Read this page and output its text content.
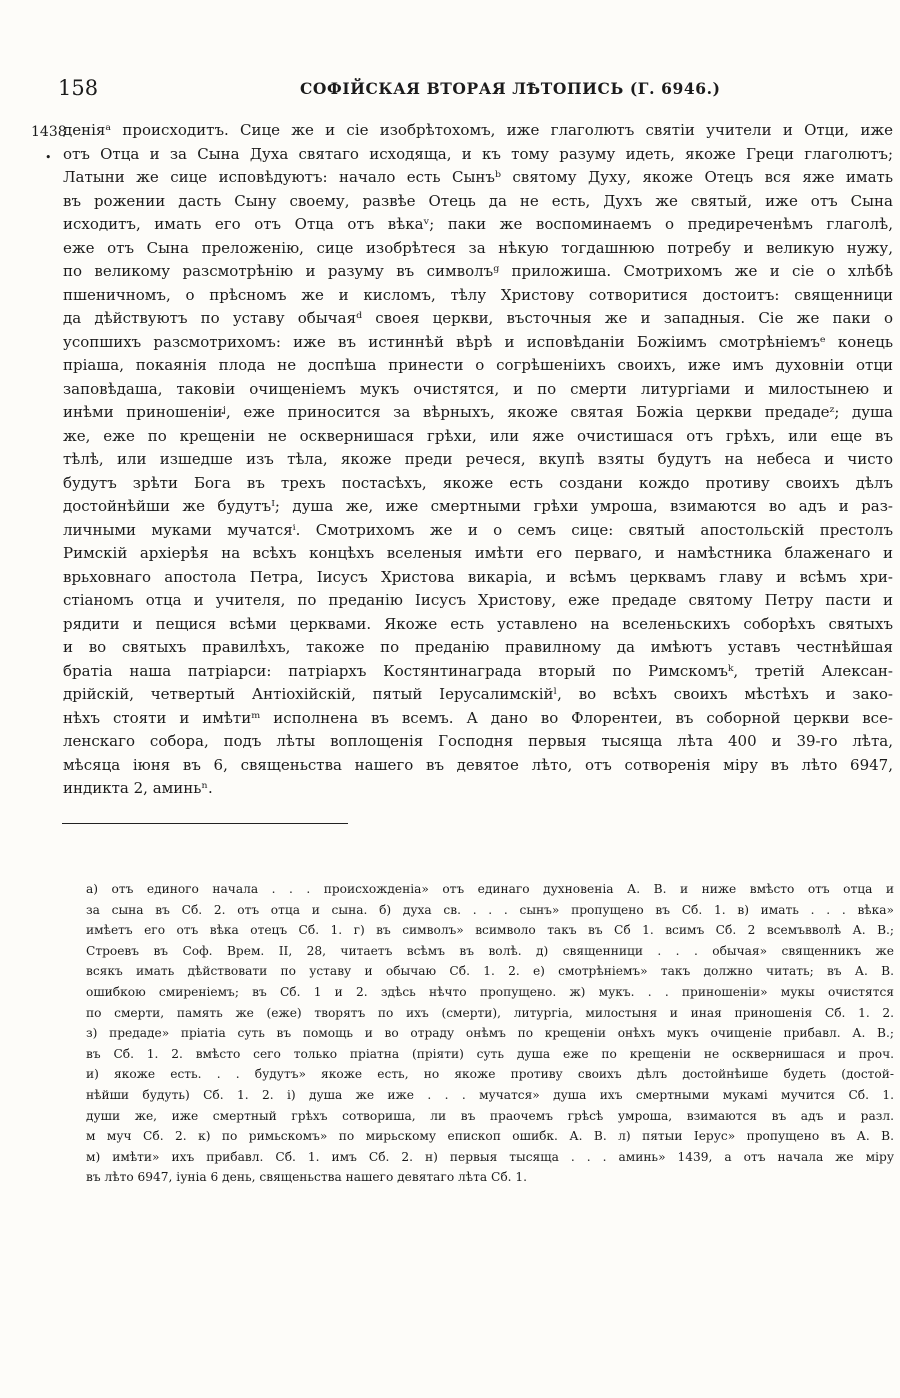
158	СОФІЙСКАЯ ВТОРАЯ ЛѢТОПИСЬ (Г. 6946.)
1438
•
деніяᵃ происходитъ. Сице же и сіе изобрѣтохомъ, иже глаголютъ святіи учители и Отци, иже
отъ Отца и за Сына Духа святаго исходяща, и къ тому разуму идеть, якоже Греци глаголютъ;
Латыни же сице исповѣдуютъ: начало есть Сынъᵇ святому Духу, якоже Отецъ вся яже имать
въ рожении дасть Сыну своему, развѣе Отець да не есть, Духъ же святый, иже отъ Сына
исходитъ, имать его отъ Отца отъ вѣкаᵛ; паки же воспоминаемъ о предиреченѣмъ глаголѣ,
еже отъ Сына преложенію, сице изобрѣтеся за нѣкую тогдашнюю потребу и великую нужу,
по великому разсмотрѣнію и разуму въ символъᵍ приложиша. Смотрихомъ же и сіе о хлѣбѣ
пшеничномъ, о прѣсномъ же и кисломъ, тѣлу Христову сотворитися достоитъ: священници
да дѣйствуютъ по уставу обычаяᵈ своея церкви, въсточныя же и западныя. Сіе же паки о
усопшихъ разсмотрихомъ: иже въ истиннѣй вѣрѣ и исповѣданіи Божіимъ смотрѣніемъᵉ конець
пріаша, покаянія плода не доспѣша принести о согрѣшеніихъ своихъ, иже имъ духовніи отци
заповѣдаша, таковіи очищеніемъ мукъ очистятся, и по смерти литургіами и милостынею и
инѣми приношеніиᶨ, еже приносится за вѣрныхъ, якоже святая Божіа церкви предадеᶻ; душа
же, еже по крещеніи не осквернишася грѣхи, или яже очистишася отъ грѣхъ, или еще въ
тѣлѣ, или изшедше изъ тѣла, якоже преди речеся, вкупѣ взяты будутъ на небеса и чисто
будутъ зрѣти Бога въ трехъ постасѣхъ, якоже есть создани кождо противу своихъ дѣлъ
достойнѣйши же будутъᴵ; душа же, иже смертными грѣхи умроша, взимаются во адъ и раз-
личными муками мучатсяⁱ. Смотрихомъ же и о семъ сице: святый апостольскій престолъ
Римскій архіерѣя на всѣхъ концѣхъ вселеныя имѣти его перваго, и намѣстника блаженаго и
врьховнаго апостола Петра, Іисусъ Христова викаріа, и всѣмъ церквамъ главу и всѣмъ хри-
стіаномъ отца и учителя, по преданію Іисусъ Христову, еже предаде святому Петру пасти и
рядити и пещися всѣми церквами. Якоже есть уставлено на вселеньскихъ соборѣхъ святыхъ
и во святыхъ правилѣхъ, такоже по преданію правилному да имѣютъ уставъ честнѣйшая
братіа наша патріарси: патріархъ Костянтинаграда вторый по Римскомъᵏ, третій Алексан-
дрійскій, четвертый Антіохійскій, пятый Іерусалимскійˡ, во всѣхъ своихъ мѣстѣхъ и зако-
нѣхъ стояти и имѣтиᵐ исполнена въ всемъ. А дано во Флорентеи, въ соборной церкви все-
ленскаго собора, подъ лѣты воплощенія Господня первыя тысяща лѣта 400 и 39-го лѣта,
мѣсяца іюня въ 6, священьства нашего въ девятое лѣто, отъ сотворенія міру въ лѣто 6947,
индикта 2, аминьⁿ.
а) отъ единого начала . . . происхожденіа» отъ единаго духновеніа А. В. и ниже вмѣсто отъ отца и
за сына въ Сб. 2. отъ отца и сына. б) духа св. . . . сынъ» пропущено въ Сб. 1. в) имать . . . вѣка»
имѣетъ его отъ вѣка отецъ Сб. 1. г) въ символъ» всимволо такъ въ Сб 1. всимъ Сб. 2 всемъвволѣ А. В.;
Строевъ въ Соф. Врем. II, 28, читаетъ всѣмъ въ волѣ. д) священници . . . обычая» священникъ же
всякъ имать дѣйствовати по уставу и обычаю Сб. 1. 2. е) смотрѣніемъ» такъ должно читать; въ А. В.
ошибкою смиреніемъ; въ Сб. 1 и 2. здѣсь нѣчто пропущено. ж) мукъ. . . приношеніи» мукы очистятся
по смерти, память же (еже) творятъ по ихъ (смерти), литургіа, милостыня и иная приношенія Сб. 1. 2.
з) предаде» пріатіа суть въ помощь и во отраду онѣмъ по крещеніи онѣхъ мукъ очищеніе прибавл. А. В.;
въ Сб. 1. 2. вмѣсто сего только пріатна (пріяти) суть душа еже по крещеніи не осквернишася и проч.
и) якоже есть. . . будутъ» якоже есть, но якоже противу своихъ дѣлъ достойнѣише будеть (достой-
нѣйши будуть) Сб. 1. 2. і) душа же иже . . . мучатся» душа ихъ смертными мукамі мучится Сб. 1.
души же, иже смертный грѣхъ сотвориша, ли въ праочемъ грѣсѣ умроша, взимаются въ адъ и разл.
м муч Сб. 2. к) по римьскомъ» по мирьскому епископ ошибк. А. В. л) пятыи Іерус» пропущено въ А. В.
м) имѣти» ихъ прибавл. Сб. 1. имъ Сб. 2. н) первыя тысяща . . . аминь» 1439, а отъ начала же міру
въ лѣто 6947, іуніа 6 день, священьства нашего девятаго лѣта Сб. 1.
